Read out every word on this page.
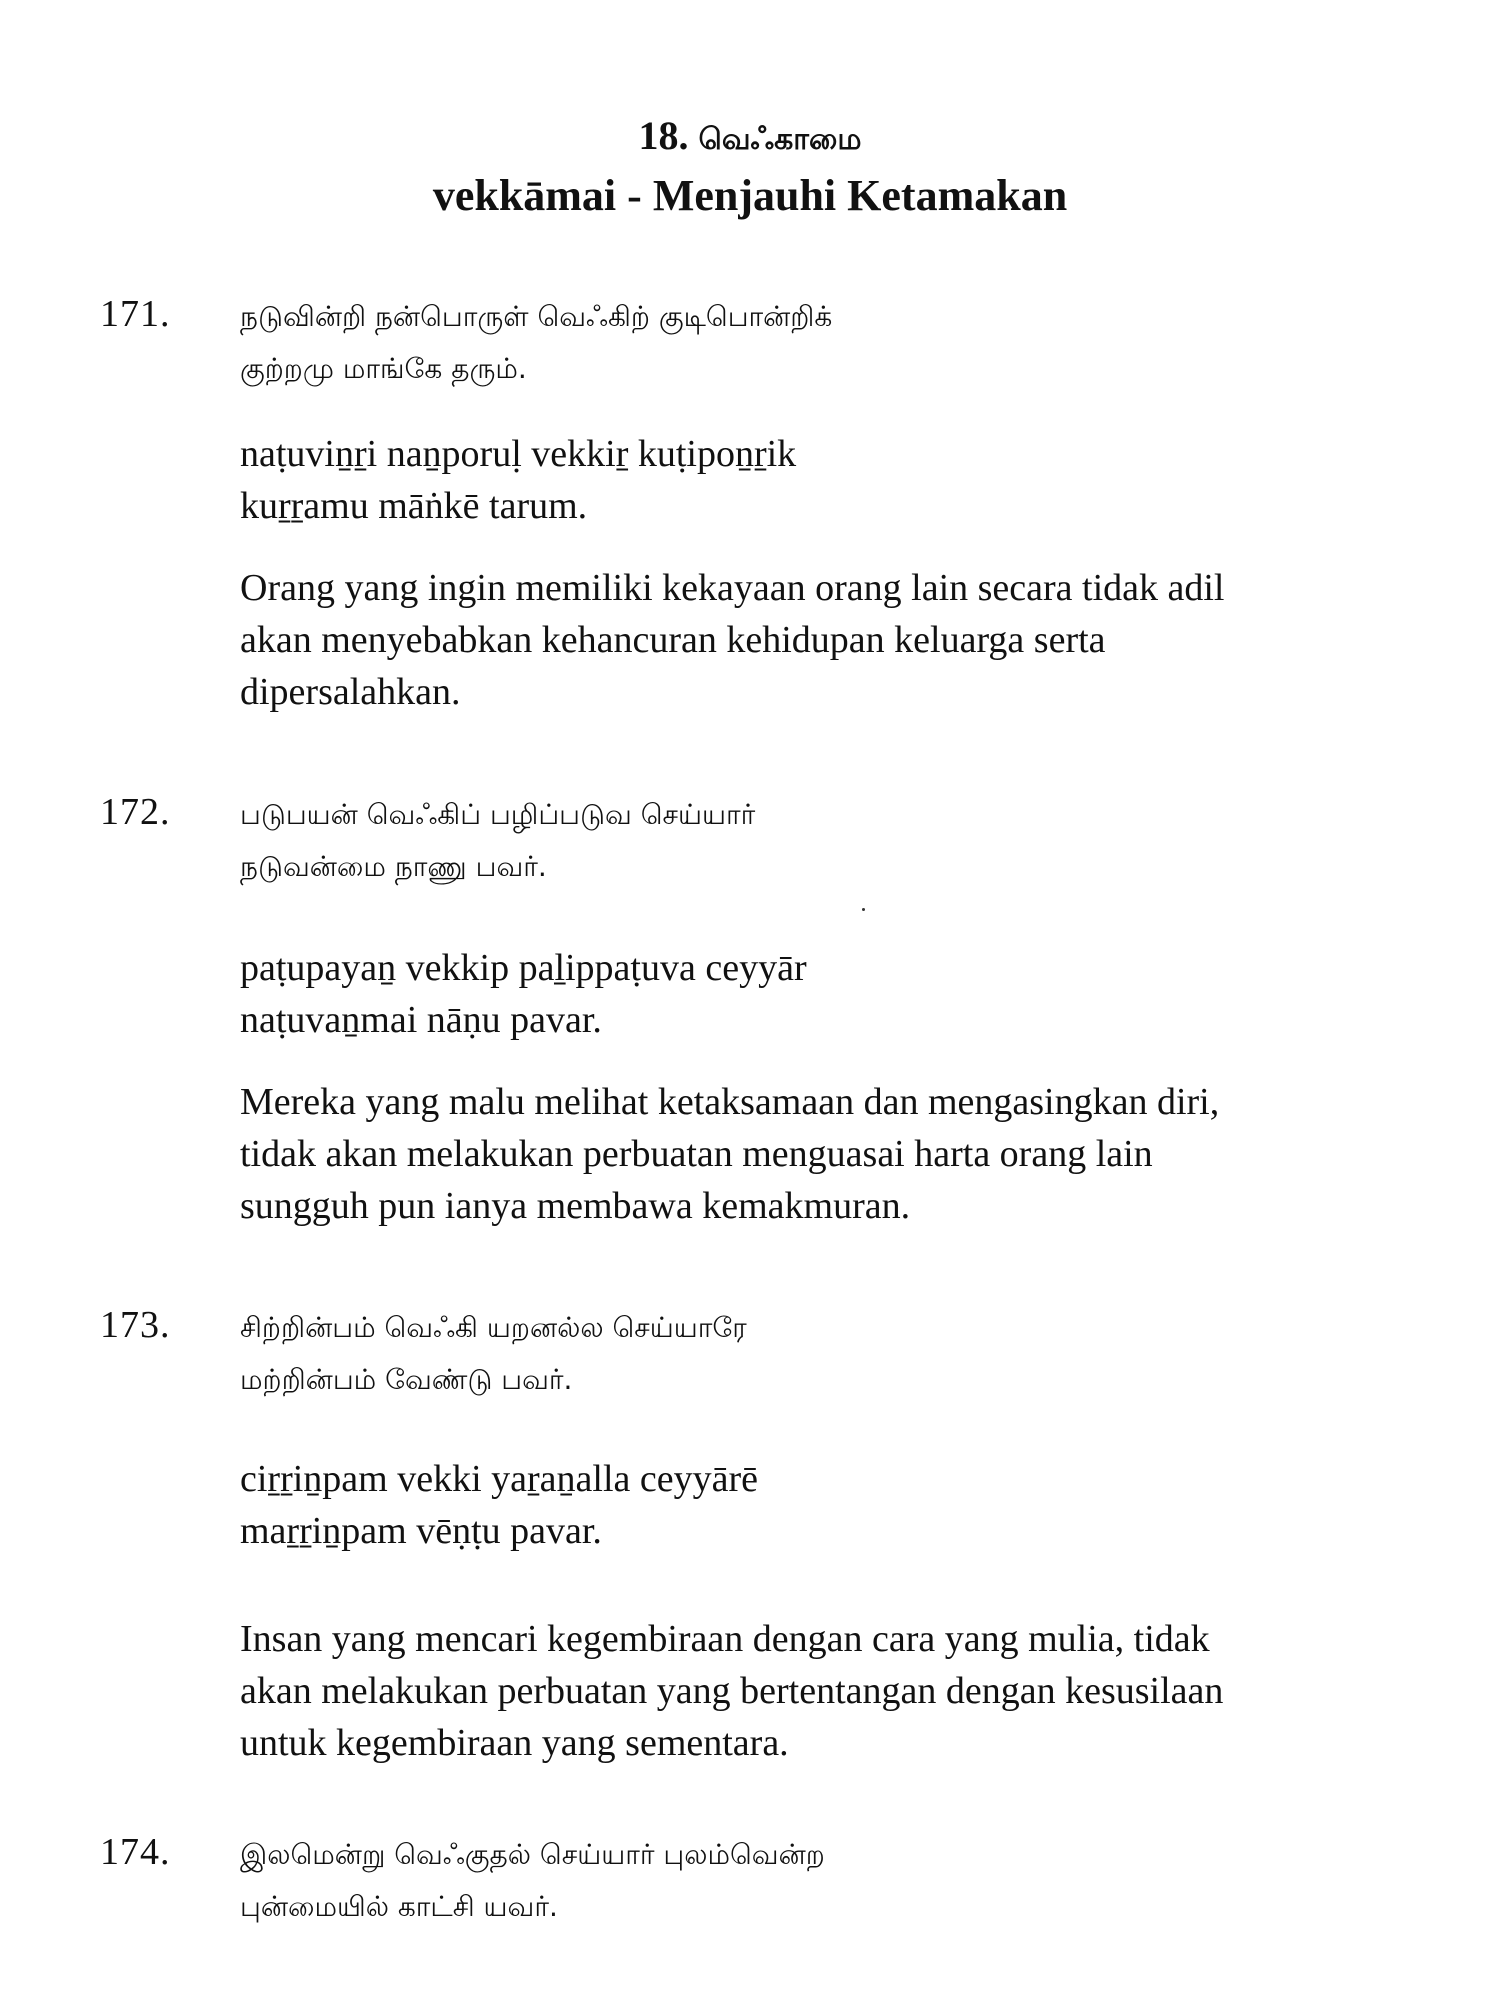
18. வெஃகாமை
vekkāmai - Menjauhi Ketamakan
171. நடுவின்றி நன்பொருள் வெஃகிற் குடிபொன்றிக்
குற்றமு மாங்கே தரும்.
naṭuviṉṟi naṉporuḷ vekkiṟ kuṭipoṉṟik
kuṟṟamu māṅkē tarum.
Orang yang ingin memiliki kekayaan orang lain secara tidak adil
akan menyebabkan kehancuran kehidupan keluarga serta
dipersalahkan.
172. படுபயன் வெஃகிப் பழிப்படுவ செய்யார்
நடுவன்மை நாணு பவர்.
paṭupayaṉ vekkip paḻippaṭuva ceyyār
naṭuvaṉmai nāṇu pavar.
Mereka yang malu melihat ketaksamaan dan mengasingkan diri,
tidak akan melakukan perbuatan menguasai harta orang lain
sungguh pun ianya membawa kemakmuran.
173. சிற்றின்பம் வெஃகி யறனல்ல செய்யாரே
மற்றின்பம் வேண்டு பவர்.
ciṟṟiṉpam vekki yaṟaṉalla ceyyārē
maṟṟiṉpam vēṇṭu pavar.
Insan yang mencari kegembiraan dengan cara yang mulia, tidak
akan melakukan perbuatan yang bertentangan dengan kesusilaan
untuk kegembiraan yang sementara.
174. இலமென்று வெஃகுதல் செய்யார் புலம்வென்ற
புன்மையில் காட்சி யவர்.
